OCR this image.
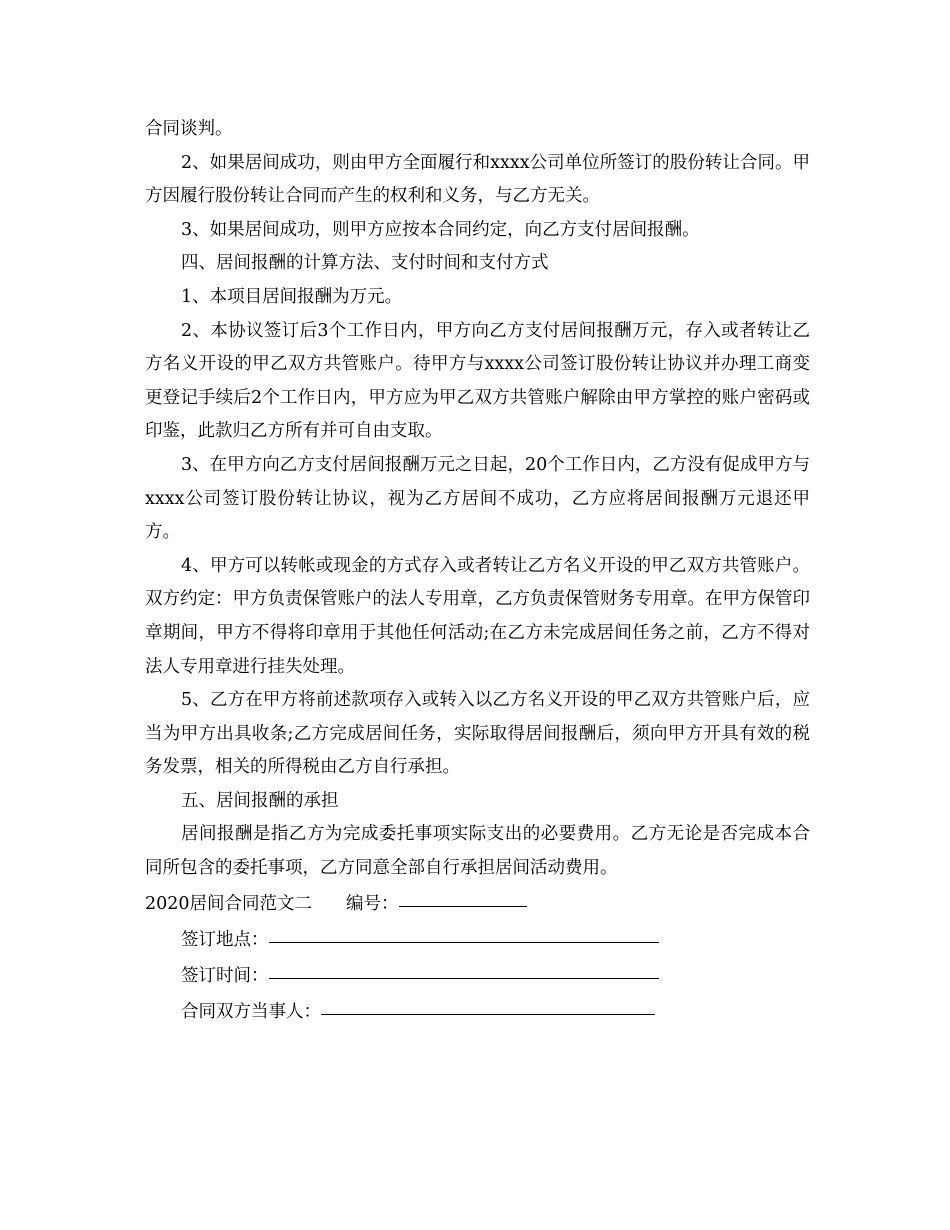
合同谈判。

2、如果居间成功，则由甲方全面履行和xxxx公司单位所签订的股份转让合同。甲方因履行股份转让合同而产生的权利和义务，与乙方无关。

3、如果居间成功，则甲方应按本合同约定，向乙方支付居间报酬。

四、居间报酬的计算方法、支付时间和支付方式

1、本项目居间报酬为万元。

2、本协议签订后3个工作日内，甲方向乙方支付居间报酬万元，存入或者转让乙方名义开设的甲乙双方共管账户。待甲方与xxxx公司签订股份转让协议并办理工商变更登记手续后2个工作日内，甲方应为甲乙双方共管账户解除由甲方掌控的账户密码或印鉴，此款归乙方所有并可自由支取。

3、在甲方向乙方支付居间报酬万元之日起，20个工作日内，乙方没有促成甲方与xxxx公司签订股份转让协议，视为乙方居间不成功，乙方应将居间报酬万元退还甲方。

4、甲方可以转帐或现金的方式存入或者转让乙方名义开设的甲乙双方共管账户。双方约定：甲方负责保管账户的法人专用章，乙方负责保管财务专用章。在甲方保管印章期间，甲方不得将印章用于其他任何活动;在乙方未完成居间任务之前，乙方不得对法人专用章进行挂失处理。

5、乙方在甲方将前述款项存入或转入以乙方名义开设的甲乙双方共管账户后，应当为甲方出具收条;乙方完成居间任务，实际取得居间报酬后，须向甲方开具有效的税务发票，相关的所得税由乙方自行承担。

五、居间报酬的承担

居间报酬是指乙方为完成委托事项实际支出的必要费用。乙方无论是否完成本合同所包含的委托事项，乙方同意全部自行承担居间活动费用。

2020居间合同范文二 编号：

签订地点：

签订时间：

合同双方当事人：
